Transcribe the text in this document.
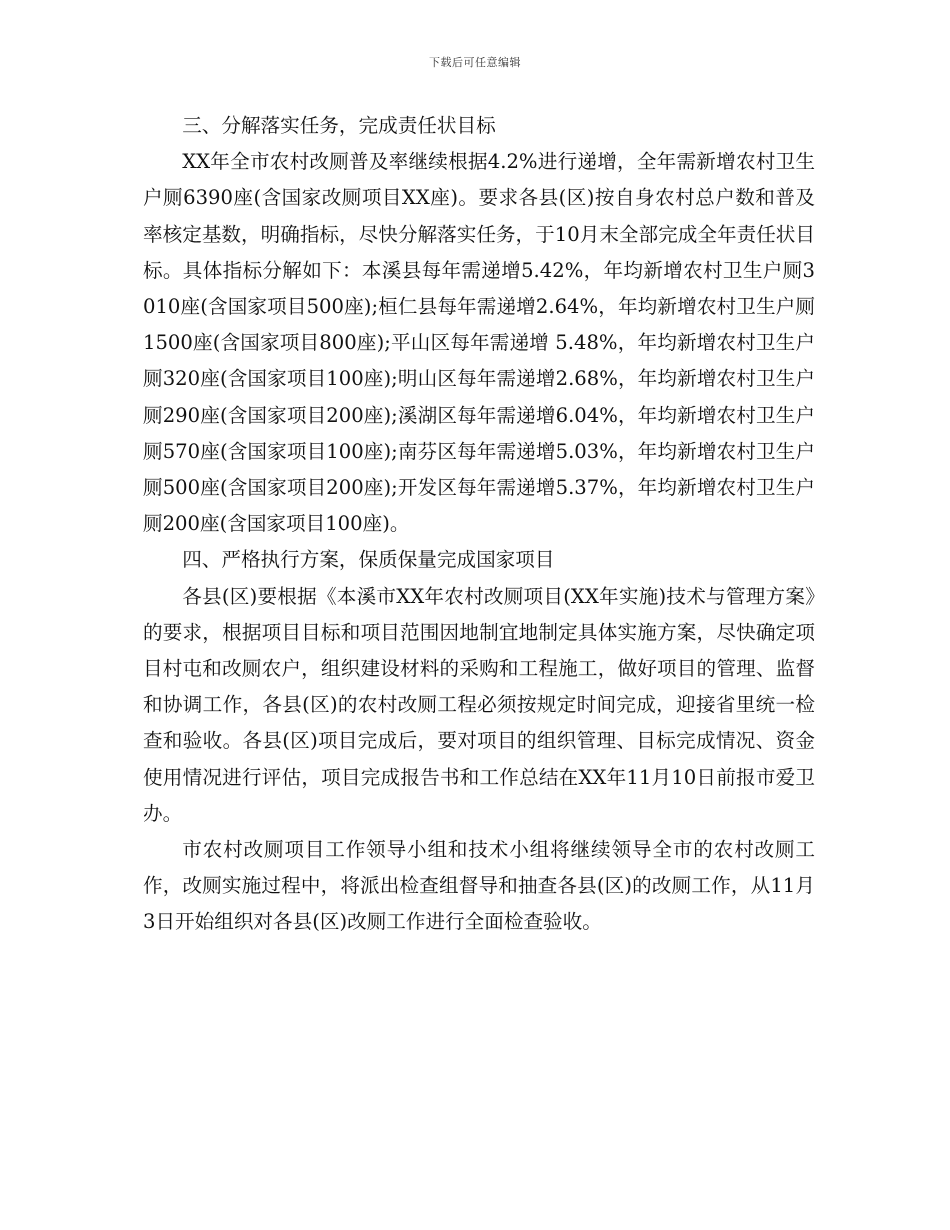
下载后可任意编辑

三、分解落实任务，完成责任状目标

XX年全市农村改厕普及率继续根据4.2%进行递增，全年需新增农村卫生户厕6390座(含国家改厕项目XX座)。要求各县(区)按自身农村总户数和普及率核定基数，明确指标，尽快分解落实任务，于10月末全部完成全年责任状目标。具体指标分解如下：本溪县每年需递增5.42%，年均新增农村卫生户厕3010座(含国家项目500座);桓仁县每年需递增2.64%，年均新增农村卫生户厕1500座(含国家项目800座);平山区每年需递增 5.48%，年均新增农村卫生户厕320座(含国家项目100座);明山区每年需递增2.68%，年均新增农村卫生户厕290座(含国家项目200座);溪湖区每年需递增6.04%，年均新增农村卫生户厕570座(含国家项目100座);南芬区每年需递增5.03%，年均新增农村卫生户厕500座(含国家项目200座);开发区每年需递增5.37%，年均新增农村卫生户厕200座(含国家项目100座)。

四、严格执行方案，保质保量完成国家项目

各县(区)要根据《本溪市XX年农村改厕项目(XX年实施)技术与管理方案》的要求，根据项目目标和项目范围因地制宜地制定具体实施方案，尽快确定项目村屯和改厕农户，组织建设材料的采购和工程施工，做好项目的管理、监督和协调工作，各县(区)的农村改厕工程必须按规定时间完成，迎接省里统一检查和验收。各县(区)项目完成后，要对项目的组织管理、目标完成情况、资金使用情况进行评估，项目完成报告书和工作总结在XX年11月10日前报市爱卫办。

市农村改厕项目工作领导小组和技术小组将继续领导全市的农村改厕工作，改厕实施过程中，将派出检查组督导和抽查各县(区)的改厕工作，从11月3日开始组织对各县(区)改厕工作进行全面检查验收。
